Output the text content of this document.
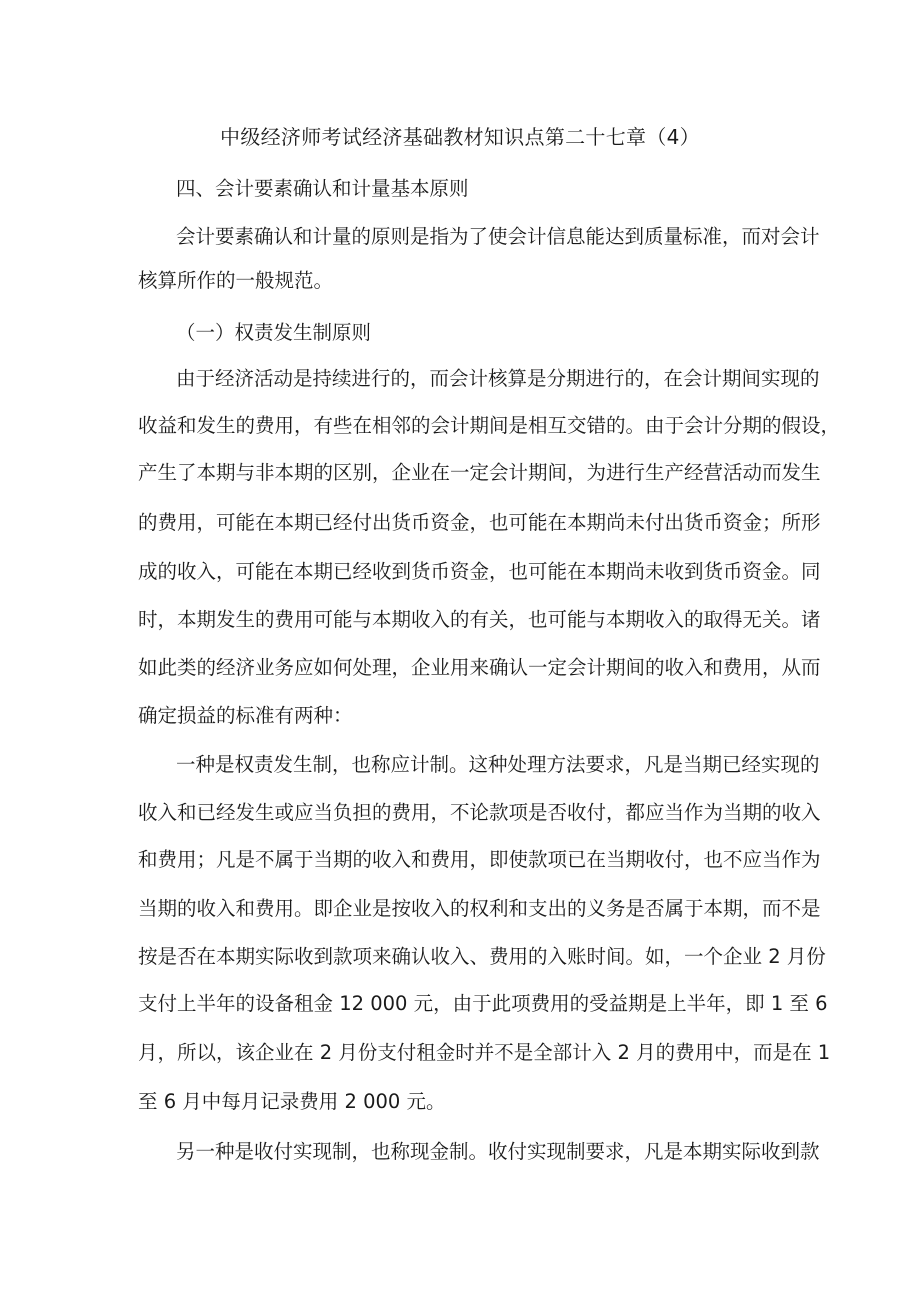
中级经济师考试经济基础教材知识点第二十七章（4）

四、会计要素确认和计量基本原则

会计要素确认和计量的原则是指为了使会计信息能达到质量标准，而对会计

核算所作的一般规范。

（一）权责发生制原则

由于经济活动是持续进行的，而会计核算是分期进行的，在会计期间实现的

收益和发生的费用，有些在相邻的会计期间是相互交错的。由于会计分期的假设，

产生了本期与非本期的区别，企业在一定会计期间，为进行生产经营活动而发生

的费用，可能在本期已经付出货币资金，也可能在本期尚未付出货币资金；所形

成的收入，可能在本期已经收到货币资金，也可能在本期尚未收到货币资金。同

时，本期发生的费用可能与本期收入的有关，也可能与本期收入的取得无关。诸

如此类的经济业务应如何处理，企业用来确认一定会计期间的收入和费用，从而

确定损益的标准有两种：

一种是权责发生制，也称应计制。这种处理方法要求，凡是当期已经实现的

收入和已经发生或应当负担的费用，不论款项是否收付，都应当作为当期的收入

和费用；凡是不属于当期的收入和费用，即使款项已在当期收付，也不应当作为

当期的收入和费用。即企业是按收入的权利和支出的义务是否属于本期，而不是

按是否在本期实际收到款项来确认收入、费用的入账时间。如，一个企业 2 月份

支付上半年的设备租金 12 000 元，由于此项费用的受益期是上半年，即 1 至 6

月，所以，该企业在 2 月份支付租金时并不是全部计入 2 月的费用中，而是在 1

至 6 月中每月记录费用 2 000 元。

另一种是收付实现制，也称现金制。收付实现制要求，凡是本期实际收到款
